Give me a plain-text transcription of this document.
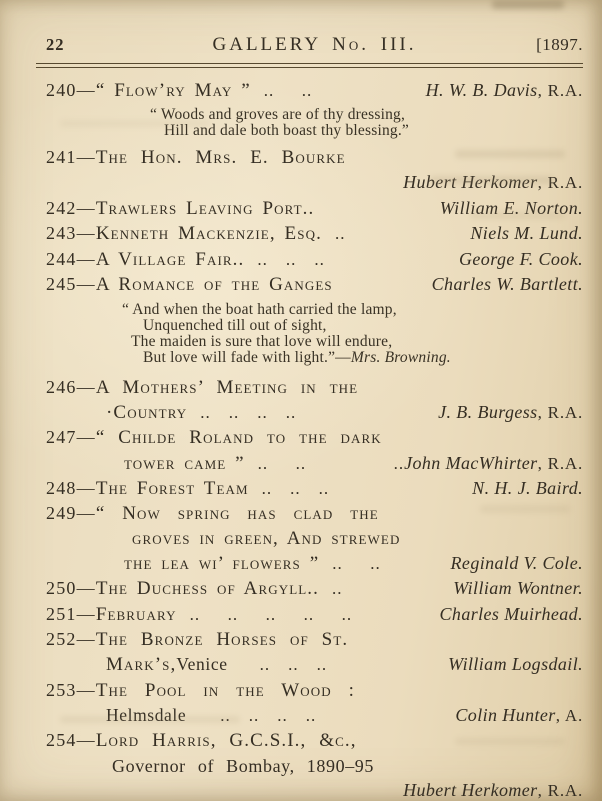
22	GALLERY No. III.	[1897.
240— “ Flow’ry May ” ..  ..	H. W. B. Davis, R.A.
“ Woods and groves are of thy dressing,
Hill and dale both boast thy blessing.”
241— The Hon. Mrs. E. Bourke
Hubert Herkomer, R.A.
242— Trawlers Leaving Port..	William E. Norton.
243— Kenneth Mackenzie, Esq. ..	Niels M. Lund.
244— A Village Fair.. .. .. ..	George F. Cook.
245— A Romance of the Ganges	Charles W. Bartlett.
“ And when the boat hath carried the lamp,
Unquenched till out of sight,
The maiden is sure that love will endure,
But love will fade with light.”—Mrs. Browning.
246— A Mothers’ Meeting in the
·Country .. .. .. ..	J. B. Burgess, R.A.
247— “ Childe Roland to the dark
tower came ” ..  ..	..John MacWhirter, R.A.
248— The Forest Team .. .. ..	N. H. J. Baird.
249— “ Now spring has clad the
groves in green, And strewed
the lea wi’ flowers ” ..  ..	Reginald V. Cole.
250— The Duchess of Argyll.. ..	William Wontner.
251— February ..  ..  ..  ..  ..	Charles Muirhead.
252— The Bronze Horses of St.
Mark’s, Venice .. .. ..	William Logsdail.
253— The Pool in the Wood :
Helmsdale .. .. .. ..	Colin Hunter, A.
254— Lord Harris, G.C.S.I., &c.,
Governor of Bombay, 1890–95
Hubert Herkomer, R.A.
